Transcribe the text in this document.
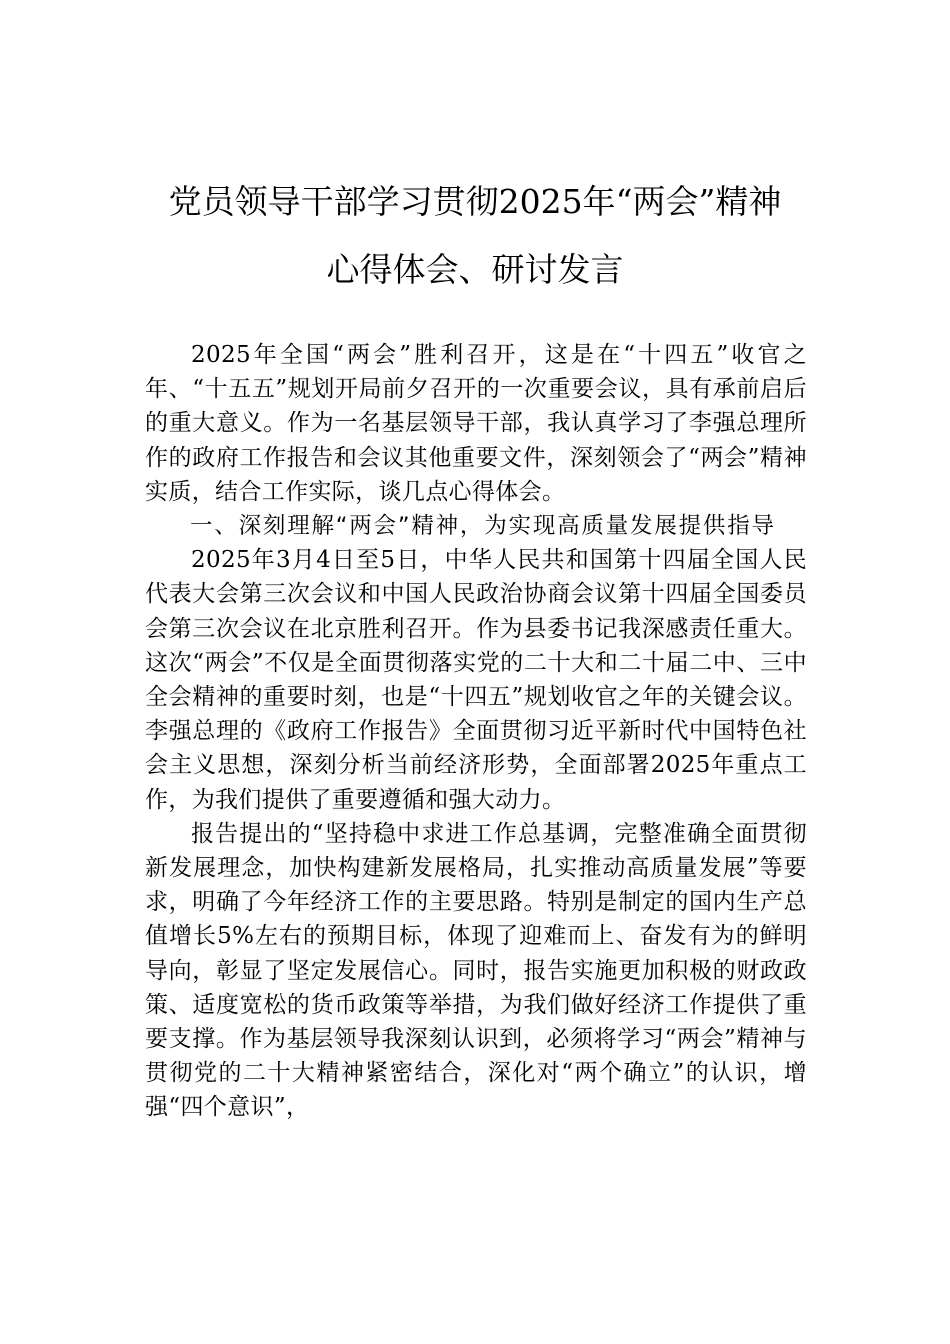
党员领导干部学习贯彻2025年“两会”精神
心得体会、研讨发言

2025年全国“两会”胜利召开，这是在“十四五”收官之年、“十五五”规划开局前夕召开的一次重要会议，具有承前启后的重大意义。作为一名基层领导干部，我认真学习了李强总理所作的政府工作报告和会议其他重要文件，深刻领会了“两会”精神实质，结合工作实际，谈几点心得体会。

一、深刻理解“两会”精神，为实现高质量发展提供指导

2025年3月4日至5日，中华人民共和国第十四届全国人民代表大会第三次会议和中国人民政治协商会议第十四届全国委员会第三次会议在北京胜利召开。作为县委书记我深感责任重大。这次“两会”不仅是全面贯彻落实党的二十大和二十届二中、三中全会精神的重要时刻，也是“十四五”规划收官之年的关键会议。李强总理的《政府工作报告》全面贯彻习近平新时代中国特色社会主义思想，深刻分析当前经济形势，全面部署2025年重点工作，为我们提供了重要遵循和强大动力。

报告提出的“坚持稳中求进工作总基调，完整准确全面贯彻新发展理念，加快构建新发展格局，扎实推动高质量发展”等要求，明确了今年经济工作的主要思路。特别是制定的国内生产总值增长5%左右的预期目标，体现了迎难而上、奋发有为的鲜明导向，彰显了坚定发展信心。同时，报告实施更加积极的财政政策、适度宽松的货币政策等举措，为我们做好经济工作提供了重要支撑。作为基层领导我深刻认识到，必须将学习“两会”精神与贯彻党的二十大精神紧密结合，深化对“两个确立”的认识，增强“四个意识”，
